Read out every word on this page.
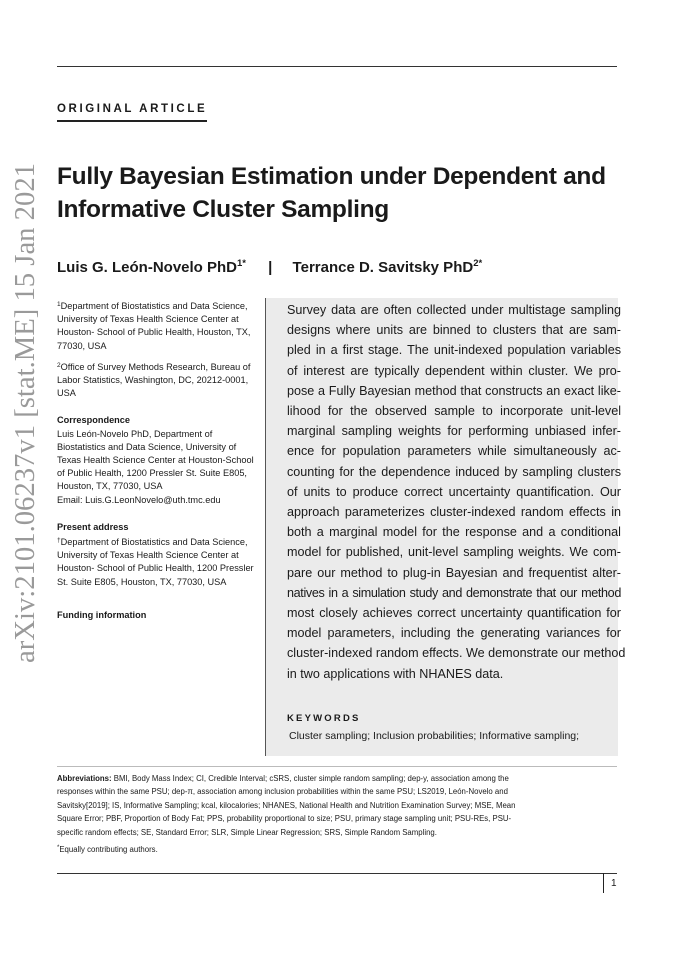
arXiv:2101.06237v1 [stat.ME] 15 Jan 2021
ORIGINAL ARTICLE
Fully Bayesian Estimation under Dependent and
Informative Cluster Sampling
Luis G. León-Novelo PhD$^{1*}$ | Terrance D. Savitsky PhD$^{2*}$
$^1$Department of Biostatistics and Data Science, University of Texas Health Science Center at Houston- School of Public Health, Houston, TX, 77030, USA
$^2$Office of Survey Methods Research, Bureau of Labor Statistics, Washington, DC, 20212-0001, USA
Correspondence
Luis León-Novelo PhD, Department of Biostatistics and Data Science, University of Texas Health Science Center at Houston-School of Public Health, 1200 Pressler St. Suite E805, Houston, TX, 77030, USA
Email: Luis.G.LeonNovelo@uth.tmc.edu
Present address
†Department of Biostatistics and Data Science, University of Texas Health Science Center at Houston- School of Public Health, 1200 Pressler St. Suite E805, Houston, TX, 77030, USA
Funding information
Survey data are often collected under multistage sampling
designs where units are binned to clusters that are sam-
pled in a first stage. The unit-indexed population variables
of interest are typically dependent within cluster. We pro-
pose a Fully Bayesian method that constructs an exact like-
lihood for the observed sample to incorporate unit-level
marginal sampling weights for performing unbiased infer-
ence for population parameters while simultaneously ac-
counting for the dependence induced by sampling clusters
of units to produce correct uncertainty quantification. Our
approach parameterizes cluster-indexed random effects in
both a marginal model for the response and a conditional
model for published, unit-level sampling weights. We com-
pare our method to plug-in Bayesian and frequentist alter-
natives in a simulation study and demonstrate that our method
most closely achieves correct uncertainty quantification for
model parameters, including the generating variances for
cluster-indexed random effects. We demonstrate our method
in two applications with NHANES data.
KEYWORDS
Cluster sampling; Inclusion probabilities; Informative sampling;
Abbreviations: BMI, Body Mass Index; CI, Credible Interval; cSRS, cluster simple random sampling; dep-y, association among the
responses within the same PSU; dep-π, association among inclusion probabilities within the same PSU; LS2019, León-Novelo and
Savitsky[2019]; IS, Informative Sampling; kcal, kilocalories; NHANES, National Health and Nutrition Examination Survey; MSE, Mean
Square Error; PBF, Proportion of Body Fat; PPS, probability proportional to size; PSU, primary stage sampling unit; PSU-REs, PSU-
specific random effects; SE, Standard Error; SLR, Simple Linear Regression; SRS, Simple Random Sampling.
*Equally contributing authors.
1
